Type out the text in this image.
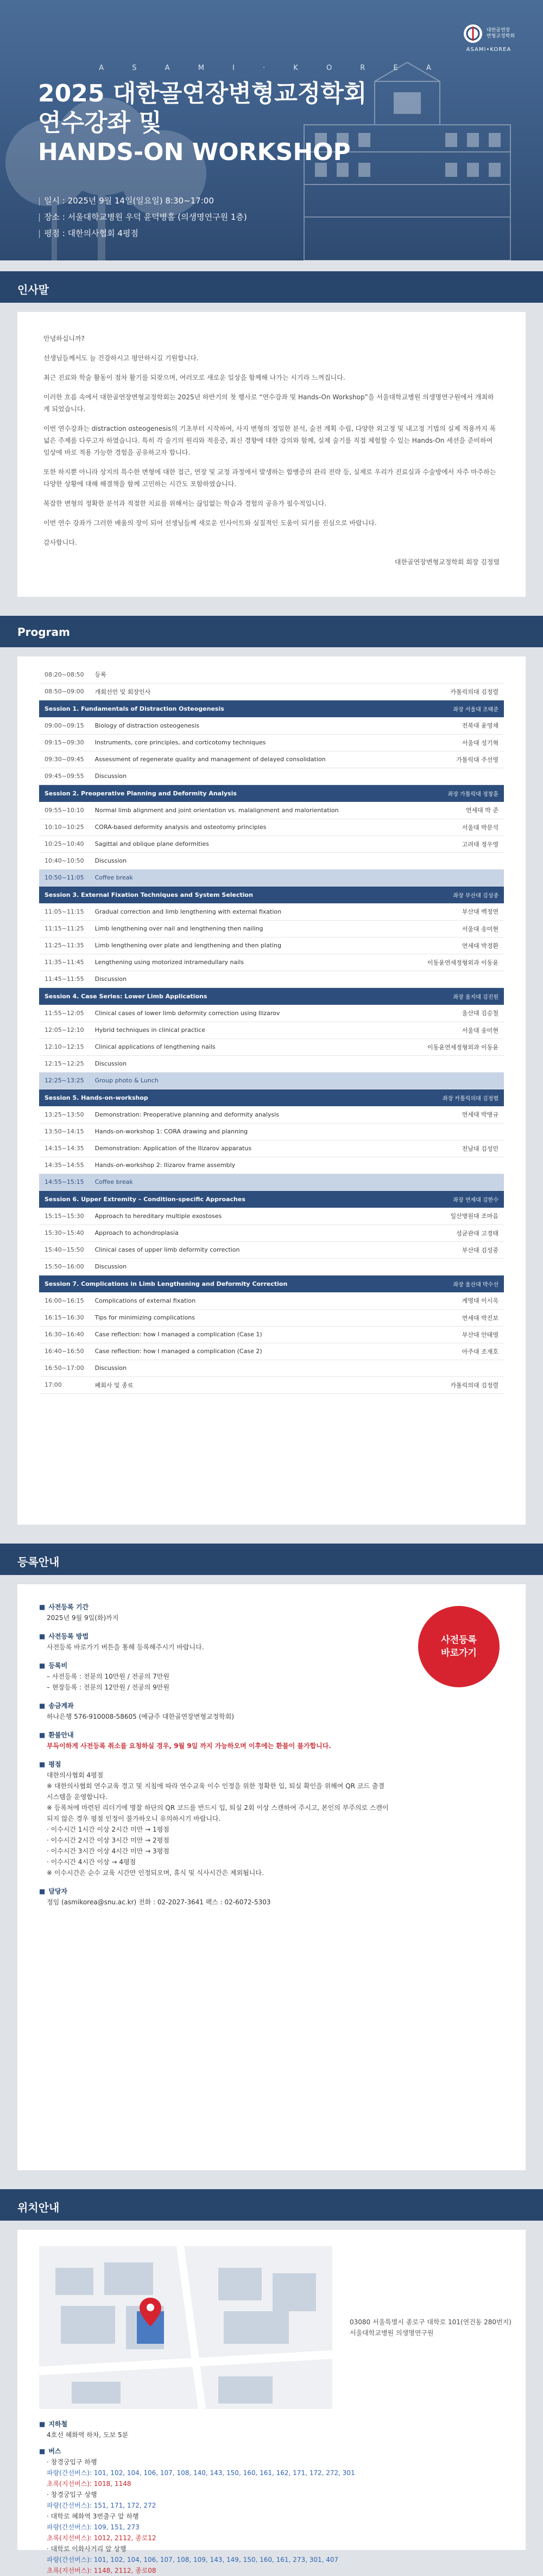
대한골연장
변형교정학회
ASAMI•KOREA
A S A M I · K O R E A
2025 대한골연장변형교정학회
연수강좌 및
HANDS-ON WORKSHOP
| 일시 : 2025년 9월 14일(일요일) 8:30~17:00
| 장소 : 서울대학교병원 우덕 윤덕병홀 (의생명연구원 1층)
| 평점 : 대한의사협회 4평점
인사말

안녕하십니까?

선생님들께서도 늘 건강하시고 평안하시길 기원합니다.

최근 진료와 학술 활동이 점차 활기를 되찾으며, 여러모로 새로운 일상을 함께해 나가는 시기라 느껴집니다.

이러한 흐름 속에서 대한골연장변형교정학회는 2025년 하반기의 첫 행사로 “연수강좌 및 Hands-On Workshop”을 서울대학교병원 의생명연구원에서 개최하게 되었습니다.

이번 연수강좌는 distraction osteogenesis의 기초부터 시작하여, 사지 변형의 정밀한 분석, 술전 계획 수립, 다양한 외고정 및 내고정 기법의 실제 적용까지 폭넓은 주제를 다루고자 하였습니다. 특히 각 술기의 원리와 적응증, 최신 경향에 대한 강의와 함께, 실제 술기를 직접 체험할 수 있는 Hands-On 세션을 준비하여 임상에 바로 적용 가능한 경험을 공유하고자 합니다.

또한 하지뿐 아니라 상지의 특수한 변형에 대한 접근, 연장 및 교정 과정에서 발생하는 합병증의 관리 전략 등, 실제로 우리가 진료실과 수술방에서 자주 마주하는 다양한 상황에 대해 해결책을 함께 고민하는 시간도 포함하였습니다.

복잡한 변형의 정확한 분석과 적절한 치료를 위해서는 끊임없는 학습과 경험의 공유가 필수적입니다.

이번 연수 강좌가 그러한 배움의 장이 되어 선생님들께 새로운 인사이트와 실질적인 도움이 되기를 진심으로 바랍니다.

감사합니다.

대한골연장변형교정학회 회장 김정렬
Program
08:20~08:50	등록	
08:50~09:00	개회선언 및 회장인사	카톨릭의대 김정렬
Session 1. Fundamentals of Distraction Osteogenesis		좌장 서울대 조태준
09:00~09:15	Biology of distraction osteogenesis	전북대 윤영채
09:15~09:30	Instruments, core principles, and corticotomy techniques	서울대 성기혁
09:30~09:45	Assessment of regenerate quality and management of delayed consolidation	가톨릭대 주선영
09:45~09:55	Discussion	
Session 2. Preoperative Planning and Deformity Analysis		좌장 가톨릭대 정창훈
09:55~10:10	Normal limb alignment and joint orientation vs. malalignment and malorientation	연세대 박 준
10:10~10:25	CORA-based deformity analysis and osteotomy principles	서울대 박문석
10:25~10:40	Sagittal and oblique plane deformities	고려대 정우영
10:40~10:50	Discussion	
10:50~11:05	Coffee break	
Session 3. External Fixation Techniques and System Selection		좌장 부산대 김성중
11:05~11:15	Gradual correction and limb lengthening with external fixation	부산대 백정연
11:15~11:25	Limb lengthening over nail and lengthening then nailing	서울대 송미현
11:25~11:35	Limb lengthening over plate and lengthening and then plating	연세대 박경환
11:35~11:45	Lengthening using motorized intramedullary nails	이동윤연세정형외과 이동윤
11:45~11:55	Discussion	
Session 4. Case Series: Lower Limb Applications		좌장 울지대 김진원
11:55~12:05	Clinical cases of lower limb deformity correction using Ilizarov	울산대 김승철
12:05~12:10	Hybrid techniques in clinical practice	서울대 송미현
12:10~12:15	Clinical applications of lengthening nails	이동윤연세정형외과 이동윤
12:15~12:25	Discussion	
12:25~13:25	Group photo & Lunch	
Session 5. Hands-on-workshop		좌장 카톨릭의대 김정렬
13:25~13:50	Demonstration: Preoperative planning and deformity analysis	연세대 박병규
13:50~14:15	Hands-on-workshop 1: CORA drawing and planning	
14:15~14:35	Demonstration: Application of the Ilizarov apparatus	전남대 김성민
14:35~14:55	Hands-on-workshop 2: Ilizarov frame assembly	
14:55~15:15	Coffee break	
Session 6. Upper Extremity – Condition-specific Approaches		좌장 연세대 김한수
15:15~15:30	Approach to hereditary multiple exostoses	일산병원대 조마음
15:30~15:40	Approach to achondroplasia	성균관대 고경태
15:40~15:50	Clinical cases of upper limb deformity correction	부산대 김성중
15:50~16:00	Discussion	
Session 7. Complications in Limb Lengthening and Deformity Correction		좌장 울산대 박수선
16:00~16:15	Complications of external fixation	계명대 이시욱
16:15~16:30	Tips for minimizing complications	연세대 박진보
16:30~16:40	Case reflection: how I managed a complication (Case 1)	부산대 안태영
16:40~16:50	Case reflection: how I managed a complication (Case 2)	아주대 조재호
16:50~17:00	Discussion	
17:00	폐회사 및 종료	카톨릭의대 김정렬
등록안내
사전등록
바로가기
■ 사전등록 기간
2025년 9월 9일(화)까지
■ 사전등록 방법
사전등록 바로가기 버튼을 통해 등록해주시기 바랍니다.
■ 등록비
– 사전등록 : 전문의 10만원 / 전공의 7만원
– 현장등록 : 전문의 12만원 / 전공의 9만원
■ 송금계좌
하나은행 576-910008-58605 (예금주 대한골연장변형교정학회)
■ 환불안내
부득이하게 사전등록 취소를 요청하실 경우, 9월 9일 까지 가능하오며 이후에는 환불이 불가합니다.
■ 평점
대한의사협회 4평점
※ 대한의사협회 연수교육 경고 및 지침에 따라 연수교육 이수 인정을 위한 정확한 입, 퇴실 확인을 위해여 QR 코드 출결 시스템을 운영합니다.
※ 등록처에 마련된 리더기에 명찰 하단의 QR 코드를 반드시 입, 퇴실 2회 이상 스캔하여 주시고, 본인의 부주의로 스캔이 되지 않은 경우 평점 인정이 불가하오니 유의하시기 바랍니다.
· 이수시간 1시간 이상 2시간 미만 → 1평점
· 이수시간 2시간 이상 3시간 미만 → 2평점
· 이수시간 3시간 이상 4시간 미만 → 3평점
· 이수시간 4시간 이상 → 4평점
※ 이수시간은 순수 교육 시간만 인정되오며, 휴식 및 식사시간은 제외됩니다.
■ 담당자
정임 (asmikorea@snu.ac.kr) 전화 : 02-2027-3641 팩스 : 02-6072-5303
위치안내
03080 서울특별시 종로구 대학로 101(연건동 280번지) 서울대학교병원 의생명연구원
■ 지하철
4호선 혜화역 하차, 도보 5분
■ 버스
· 창경궁입구 하행
파랑(간선버스): 101, 102, 104, 106, 107, 108, 140, 143, 150, 160, 161, 162, 171, 172, 272, 301
초록(지선버스): 1018, 1148
· 창경궁입구 상행
파랑(간선버스): 151, 171, 172, 272
· 대학로 혜화역 3번출구 앞 하행
파랑(간선버스): 109, 151, 273
초록(지선버스): 1012, 2112, 종로12
· 대학로 이화사거리 앞 상행
파랑(간선버스): 101, 102, 104, 106, 107, 108, 109, 143, 149, 150, 160, 161, 273, 301, 407
초록(지선버스): 1148, 2112, 종로08
